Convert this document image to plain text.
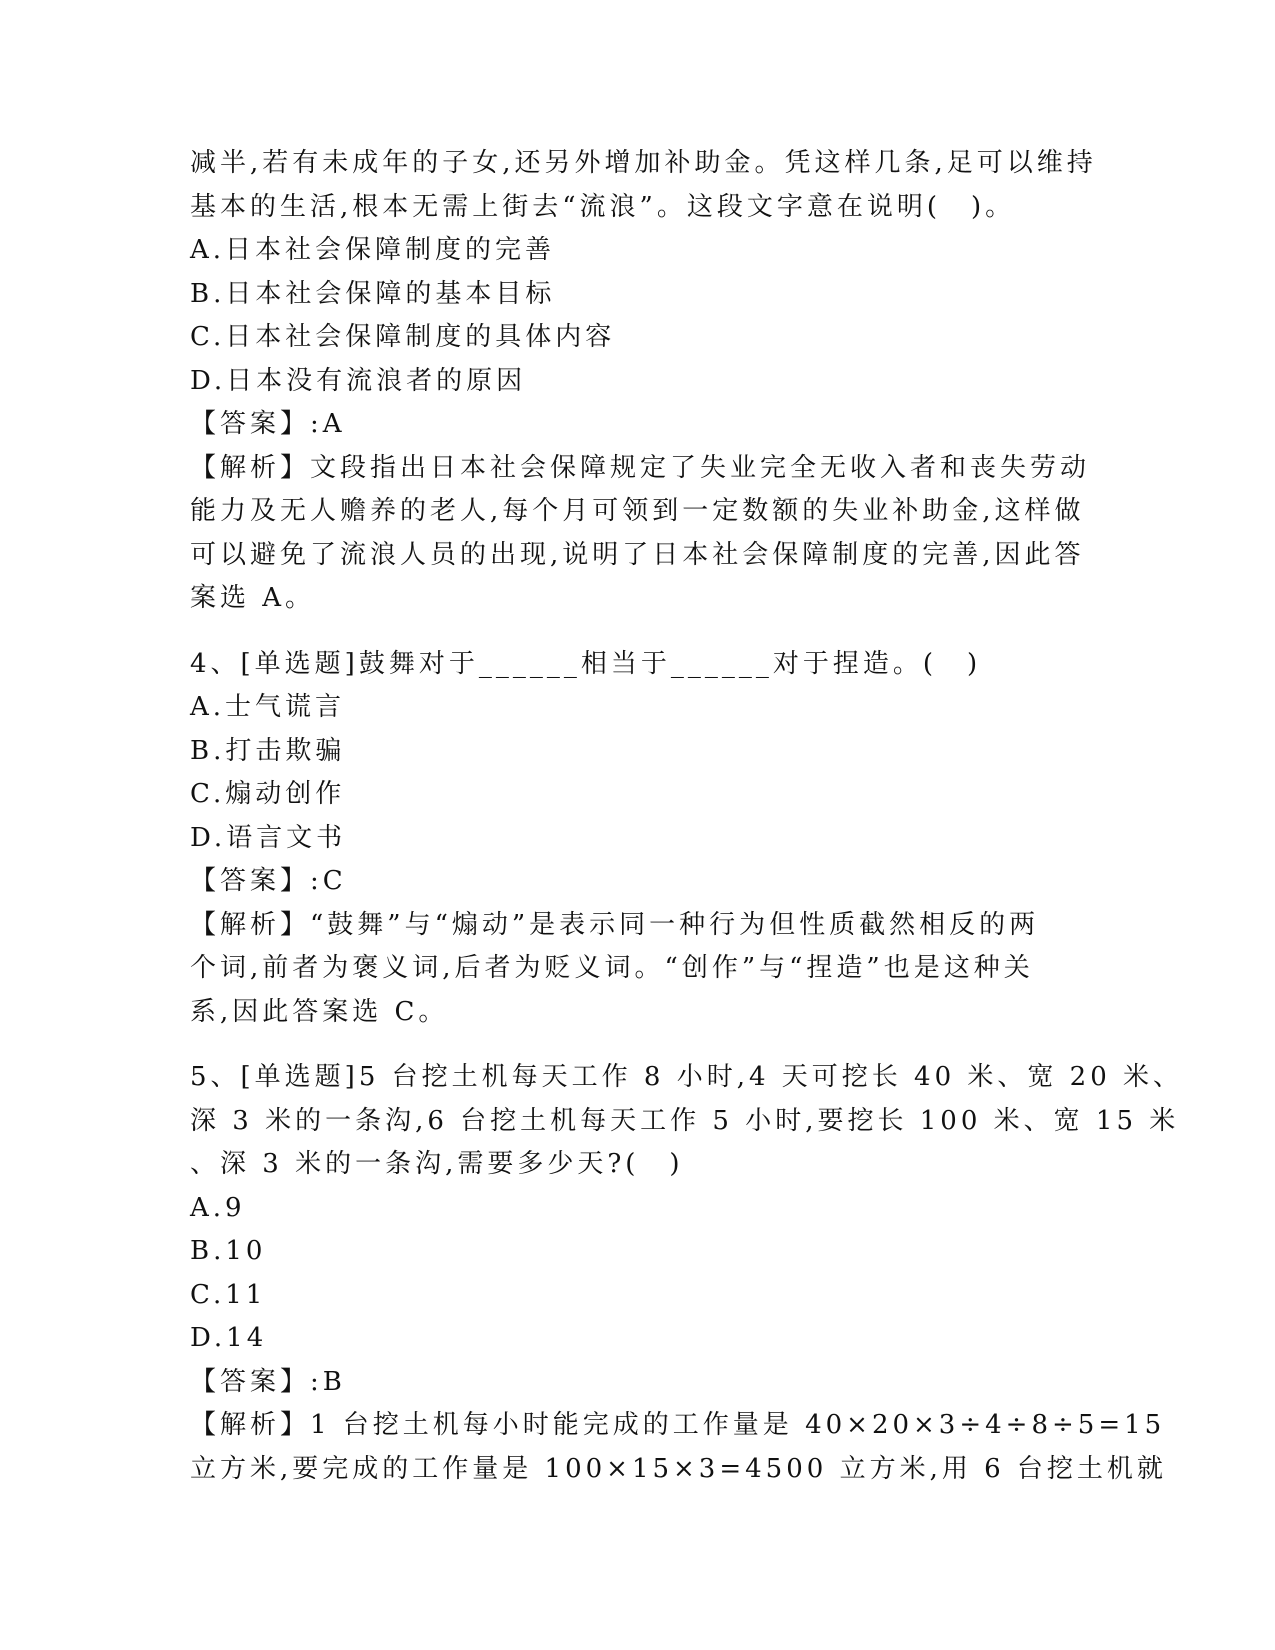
减半,若有未成年的子女,还另外增加补助金。凭这样几条,足可以维持
基本的生活,根本无需上街去“流浪”。这段文字意在说明(　)。
A.日本社会保障制度的完善
B.日本社会保障的基本目标
C.日本社会保障制度的具体内容
D.日本没有流浪者的原因
【答案】:A
【解析】文段指出日本社会保障规定了失业完全无收入者和丧失劳动
能力及无人赡养的老人,每个月可领到一定数额的失业补助金,这样做
可以避免了流浪人员的出现,说明了日本社会保障制度的完善,因此答
案选 A。
4、[单选题]鼓舞对于______相当于______对于捏造。(　)
A.士气谎言
B.打击欺骗
C.煽动创作
D.语言文书
【答案】:C
【解析】“鼓舞”与“煽动”是表示同一种行为但性质截然相反的两
个词,前者为褒义词,后者为贬义词。“创作”与“捏造”也是这种关
系,因此答案选 C。
5、[单选题]5 台挖土机每天工作 8 小时,4 天可挖长 40 米、宽 20 米、
深 3 米的一条沟,6 台挖土机每天工作 5 小时,要挖长 100 米、宽 15 米
、深 3 米的一条沟,需要多少天?(　)
A.9
B.10
C.11
D.14
【答案】:B
【解析】1 台挖土机每小时能完成的工作量是 40×20×3÷4÷8÷5=15
立方米,要完成的工作量是 100×15×3=4500 立方米,用 6 台挖土机就
